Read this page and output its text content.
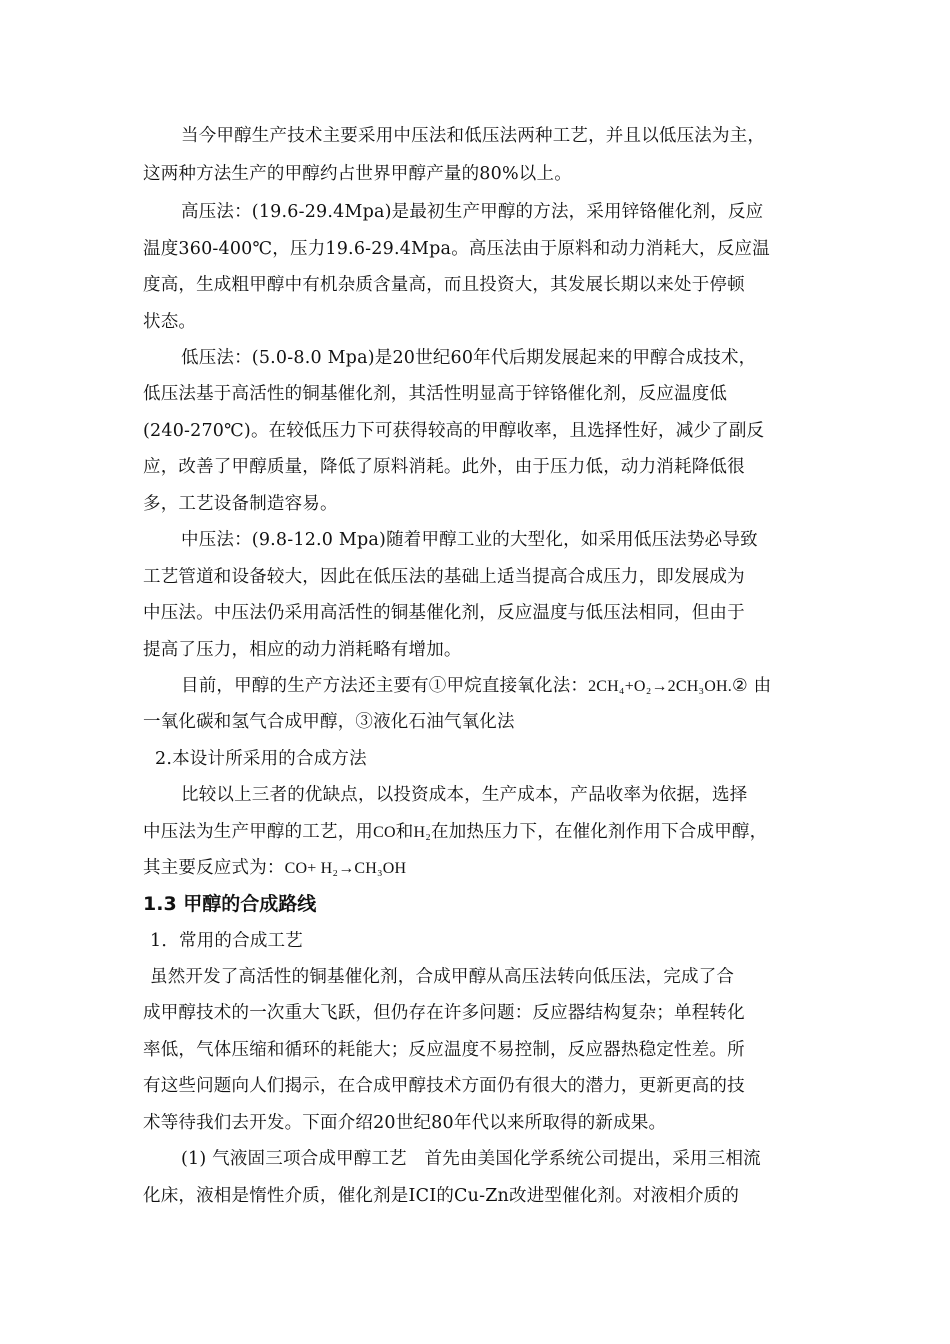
当今甲醇生产技术主要采用中压法和低压法两种工艺，并且以低压法为主，
这两种方法生产的甲醇约占世界甲醇产量的80%以上。
高压法：(19.6-29.4Mpa)是最初生产甲醇的方法，采用锌铬催化剂，反应
温度360-400℃，压力19.6-29.4Mpa。高压法由于原料和动力消耗大，反应温
度高，生成粗甲醇中有机杂质含量高，而且投资大，其发展长期以来处于停顿
状态。
低压法：(5.0-8.0 Mpa)是20世纪60年代后期发展起来的甲醇合成技术，
低压法基于高活性的铜基催化剂，其活性明显高于锌铬催化剂，反应温度低
(240-270℃)。在较低压力下可获得较高的甲醇收率，且选择性好，减少了副反
应，改善了甲醇质量，降低了原料消耗。此外，由于压力低，动力消耗降低很
多，工艺设备制造容易。
中压法：(9.8-12.0 Mpa)随着甲醇工业的大型化，如采用低压法势必导致
工艺管道和设备较大，因此在低压法的基础上适当提高合成压力，即发展成为
中压法。中压法仍采用高活性的铜基催化剂，反应温度与低压法相同，但由于
提高了压力，相应的动力消耗略有增加。
目前，甲醇的生产方法还主要有①甲烷直接氧化法：2CH₄+O₂→2CH₃OH.② 由
一氧化碳和氢气合成甲醇，③液化石油气氧化法
2.本设计所采用的合成方法
比较以上三者的优缺点，以投资成本，生产成本，产品收率为依据，选择
中压法为生产甲醇的工艺，用CO和H₂在加热压力下，在催化剂作用下合成甲醇，
其主要反应式为：CO+ H₂→CH₃OH
1.3 甲醇的合成路线
1．常用的合成工艺
虽然开发了高活性的铜基催化剂，合成甲醇从高压法转向低压法，完成了合
成甲醇技术的一次重大飞跃，但仍存在许多问题：反应器结构复杂；单程转化
率低，气体压缩和循环的耗能大；反应温度不易控制，反应器热稳定性差。所
有这些问题向人们揭示，在合成甲醇技术方面仍有很大的潜力，更新更高的技
术等待我们去开发。下面介绍20世纪80年代以来所取得的新成果。
(1) 气液固三项合成甲醇工艺　首先由美国化学系统公司提出，采用三相流
化床，液相是惰性介质，催化剂是ICI的Cu-Zn改进型催化剂。对液相介质的
